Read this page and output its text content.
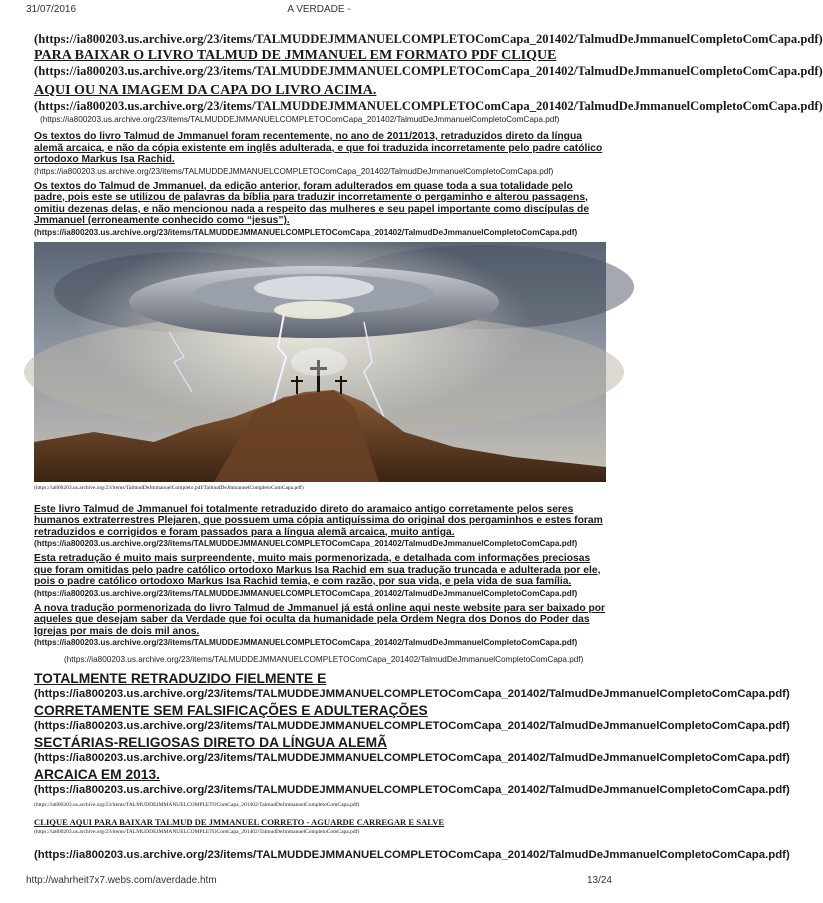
31/07/2016	A VERDADE -
(https://ia800203.us.archive.org/23/items/TALMUDDEJMMANUELCOMPLETOComCapa_201402/TalmudDeJmmanuelCompletoComCapa.pdf)
PARA BAIXAR O LIVRO TALMUD DE JMMANUEL EM FORMATO PDF CLIQUE
(https://ia800203.us.archive.org/23/items/TALMUDDEJMMANUELCOMPLETOComCapa_201402/TalmudDeJmmanuelCompletoComCapa.pdf)
AQUI OU NA IMAGEM DA CAPA DO LIVRO ACIMA.
(https://ia800203.us.archive.org/23/items/TALMUDDEJMMANUELCOMPLETOComCapa_201402/TalmudDeJmmanuelCompletoComCapa.pdf)
(https://ia800203.us.archive.org/23/items/TALMUDDEJMMANUELCOMPLETOComCapa_201402/TalmudDeJmmanuelCompletoComCapa.pdf)
Os textos do livro Talmud de Jmmanuel foram recentemente, no ano de 2011/2013, retraduzidos direto da língua alemã arcaica, e não da cópia existente em inglês adulterada, e que foi traduzida incorretamente pelo padre católico ortodoxo Markus Isa Rachid.
(https://ia800203.us.archive.org/23/items/TALMUDDEJMMANUELCOMPLETOComCapa_201402/TalmudDeJmmanuelCompletoComCapa.pdf)
Os textos do Talmud de Jmmanuel, da edição anterior, foram adulterados em quase toda a sua totalidade pelo padre, pois este se utilizou de palavras da bíblia para traduzir incorretamente o pergaminho e alterou passagens, omitiu dezenas delas, e não mencionou nada a respeito das mulheres e seu papel importante como discípulas de Jmmanuel (erroneamente conhecido como “jesus”).
(https://ia800203.us.archive.org/23/items/TALMUDDEJMMANUELCOMPLETOComCapa_201402/TalmudDeJmmanuelCompletoComCapa.pdf)
(https://ia800203.us.archive.org/23/items/TalmudDeJmmanuelCompleto.pdf/TalmudDeJmmanuelCompletoComCapa.pdf)
Este livro Talmud de Jmmanuel foi totalmente retraduzido direto do aramaico antigo corretamente pelos seres humanos extraterrestres Plejaren, que possuem uma cópia antiquíssima do original dos pergaminhos e estes foram retraduzidos e corrigidos e foram passados para a língua alemã arcaica, muito antiga.
(https://ia800203.us.archive.org/23/items/TALMUDDEJMMANUELCOMPLETOComCapa_201402/TalmudDeJmmanuelCompletoComCapa.pdf)
Esta retradução é muito mais surpreendente, muito mais pormenorizada, e detalhada com informações preciosas que foram omitidas pelo padre católico ortodoxo Markus Isa Rachid em sua tradução truncada e adulterada por ele, pois o padre católico ortodoxo Markus Isa Rachid temia, e com razão, por sua vida, e pela vida de sua família.
(https://ia800203.us.archive.org/23/items/TALMUDDEJMMANUELCOMPLETOComCapa_201402/TalmudDeJmmanuelCompletoComCapa.pdf)
A nova tradução pormenorizada do livro Talmud de Jmmanuel já está online aqui neste website para ser baixado por aqueles que desejam saber da Verdade que foi oculta da humanidade pela Ordem Negra dos Donos do Poder das Igrejas por mais de dois mil anos.
(https://ia800203.us.archive.org/23/items/TALMUDDEJMMANUELCOMPLETOComCapa_201402/TalmudDeJmmanuelCompletoComCapa.pdf)
(https://ia800203.us.archive.org/23/items/TALMUDDEJMMANUELCOMPLETOComCapa_201402/TalmudDeJmmanuelCompletoComCapa.pdf)
TOTALMENTE RETRADUZIDO FIELMENTE E
(https://ia800203.us.archive.org/23/items/TALMUDDEJMMANUELCOMPLETOComCapa_201402/TalmudDeJmmanuelCompletoComCapa.pdf)
CORRETAMENTE SEM FALSIFICAÇÕES E ADULTERAÇÕES
(https://ia800203.us.archive.org/23/items/TALMUDDEJMMANUELCOMPLETOComCapa_201402/TalmudDeJmmanuelCompletoComCapa.pdf)
SECTÁRIAS-RELIGOSAS DIRETO DA LÍNGUA ALEMÃ
(https://ia800203.us.archive.org/23/items/TALMUDDEJMMANUELCOMPLETOComCapa_201402/TalmudDeJmmanuelCompletoComCapa.pdf)
ARCAICA EM 2013.
(https://ia800203.us.archive.org/23/items/TALMUDDEJMMANUELCOMPLETOComCapa_201402/TalmudDeJmmanuelCompletoComCapa.pdf)
(https://ia800203.us.archive.org/23/items/TALMUDDEJMMANUELCOMPLETOComCapa_201402/TalmudDeJmmanuelCompletoComCapa.pdf)
CLIQUE AQUI PARA BAIXAR TALMUD DE JMMANUEL CORRETO - AGUARDE CARREGAR E SALVE
(https://ia800203.us.archive.org/23/items/TALMUDDEJMMANUELCOMPLETOComCapa_201402/TalmudDeJmmanuelCompletoComCapa.pdf)
(https://ia800203.us.archive.org/23/items/TALMUDDEJMMANUELCOMPLETOComCapa_201402/TalmudDeJmmanuelCompletoComCapa.pdf)
http://wahrheit7x7.webs.com/averdade.htm	13/24
